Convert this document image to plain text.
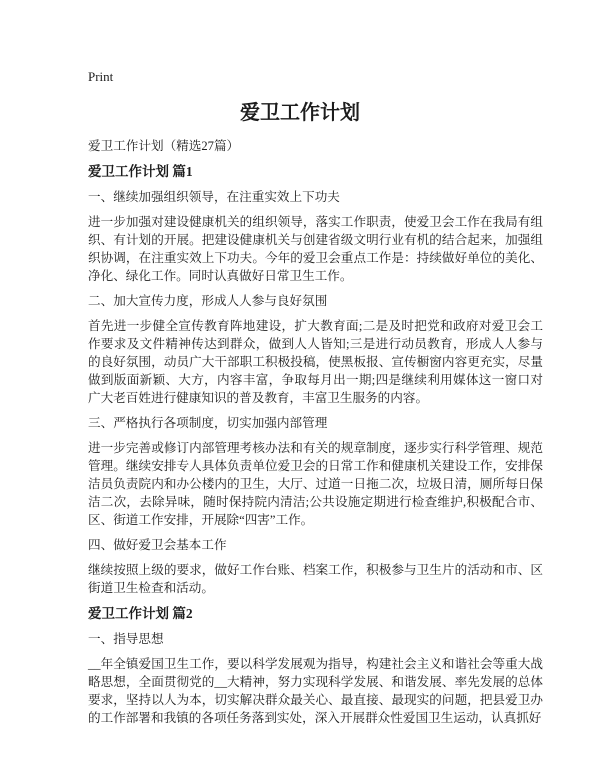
Print
爱卫工作计划

爱卫工作计划（精选27篇）

爱卫工作计划 篇1

一、继续加强组织领导，在注重实效上下功夫

进一步加强对建设健康机关的组织领导，落实工作职责，使爱卫会工作在我局有组织、有计划的开展。把建设健康机关与创建省级文明行业有机的结合起来，加强组织协调，在注重实效上下功夫。今年的爱卫会重点工作是：持续做好单位的美化、净化、绿化工作。同时认真做好日常卫生工作。

二、加大宣传力度，形成人人参与良好氛围

首先进一步健全宣传教育阵地建设，扩大教育面;二是及时把党和政府对爱卫会工作要求及文件精神传达到群众，做到人人皆知;三是进行动员教育，形成人人参与的良好氛围，动员广大干部职工积极投稿，使黑板报、宣传橱窗内容更充实，尽量做到版面新颖、大方，内容丰富，争取每月出一期;四是继续利用媒体这一窗口对广大老百姓进行健康知识的普及教育，丰富卫生服务的内容。

三、严格执行各项制度，切实加强内部管理

进一步完善或修订内部管理考核办法和有关的规章制度，逐步实行科学管理、规范管理。继续安排专人具体负责单位爱卫会的日常工作和健康机关建设工作，安排保洁员负责院内和办公楼内的卫生，大厅、过道一日拖二次，垃圾日清，厕所每日保洁二次，去除异味，随时保持院内清洁;公共设施定期进行检查维护,积极配合市、区、街道工作安排，开展除“四害”工作。

四、做好爱卫会基本工作

继续按照上级的要求，做好工作台账、档案工作，积极参与卫生片的活动和市、区街道卫生检查和活动。

爱卫工作计划 篇2

一、指导思想

__年全镇爱国卫生工作，要以科学发展观为指导，构建社会主义和谐社会等重大战略思想，全面贯彻党的__大精神，努力实现科学发展、和谐发展、率先发展的总体要求，坚持以人为本，切实解决群众最关心、最直接、最现实的问题，把县爱卫办的工作部署和我镇的各项任务落到实处，深入开展群众性爱国卫生运动，认真抓好
